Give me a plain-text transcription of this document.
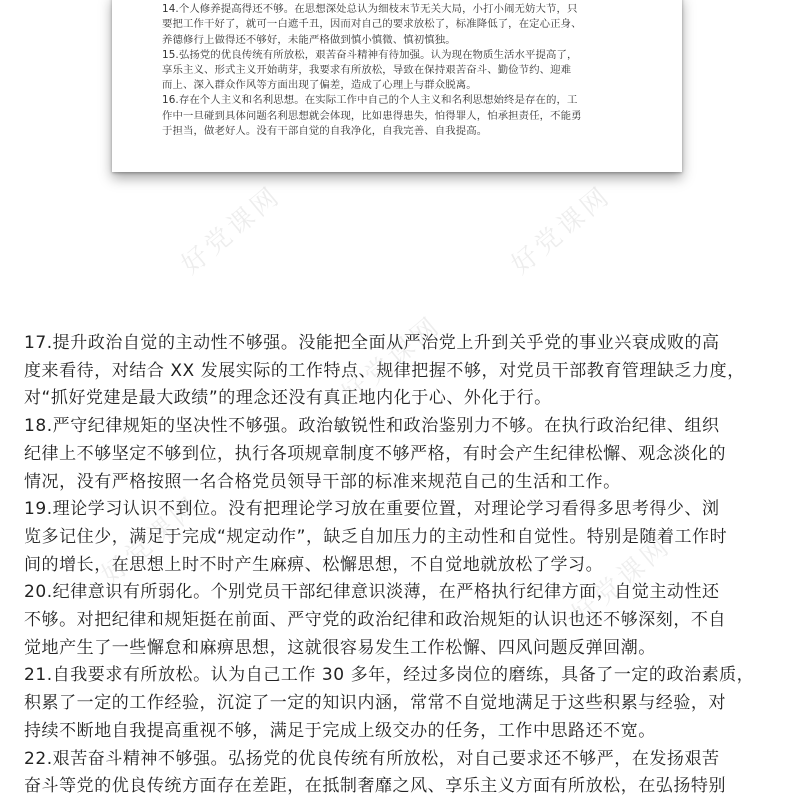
14.个人修养提高得还不够。在思想深处总认为细枝末节无关大局，小打小闹无妨大节，只
要把工作干好了，就可一白遮千丑，因而对自己的要求放松了，标准降低了，在定心正身、
养德修行上做得还不够好，未能严格做到慎小慎微、慎初慎独。
15.弘扬党的优良传统有所放松，艰苦奋斗精神有待加强。认为现在物质生活水平提高了，
享乐主义、形式主义开始萌芽，我要求有所放松，导致在保持艰苦奋斗、勤俭节约、迎难
而上、深入群众作风等方面出现了偏差，造成了心理上与群众脱离。
16.存在个人主义和名利思想。在实际工作中自己的个人主义和名利思想始终是存在的，工
作中一旦碰到具体问题名利思想就会体现，比如患得患失，怕得罪人，怕承担责任，不能勇
于担当，做老好人。没有干部自觉的自我净化，自我完善、自我提高。
好党课网	好党课网
好党课网
好党课网	好党课网
17.提升政治自觉的主动性不够强。没能把全面从严治党上升到关乎党的事业兴衰成败的高
度来看待，对结合 XX 发展实际的工作特点、规律把握不够，对党员干部教育管理缺乏力度，
对“抓好党建是最大政绩”的理念还没有真正地内化于心、外化于行。
18.严守纪律规矩的坚决性不够强。政治敏锐性和政治鉴别力不够。在执行政治纪律、组织
纪律上不够坚定不够到位，执行各项规章制度不够严格，有时会产生纪律松懈、观念淡化的
情况，没有严格按照一名合格党员领导干部的标准来规范自己的生活和工作。
19.理论学习认识不到位。没有把理论学习放在重要位置，对理论学习看得多思考得少、浏
览多记住少，满足于完成“规定动作”，缺乏自加压力的主动性和自觉性。特别是随着工作时
间的增长，在思想上时不时产生麻痹、松懈思想，不自觉地就放松了学习。
20.纪律意识有所弱化。个别党员干部纪律意识淡薄，在严格执行纪律方面，自觉主动性还
不够。对把纪律和规矩挺在前面、严守党的政治纪律和政治规矩的认识也还不够深刻，不自
觉地产生了一些懈怠和麻痹思想，这就很容易发生工作松懈、四风问题反弹回潮。
21.自我要求有所放松。认为自己工作 30 多年，经过多岗位的磨练，具备了一定的政治素质，
积累了一定的工作经验，沉淀了一定的知识内涵，常常不自觉地满足于这些积累与经验，对
持续不断地自我提高重视不够，满足于完成上级交办的任务，工作中思路还不宽。
22.艰苦奋斗精神不够强。弘扬党的优良传统有所放松，对自己要求还不够严，在发扬艰苦
奋斗等党的优良传统方面存在差距，在抵制奢靡之风、享乐主义方面有所放松，在弘扬特别
